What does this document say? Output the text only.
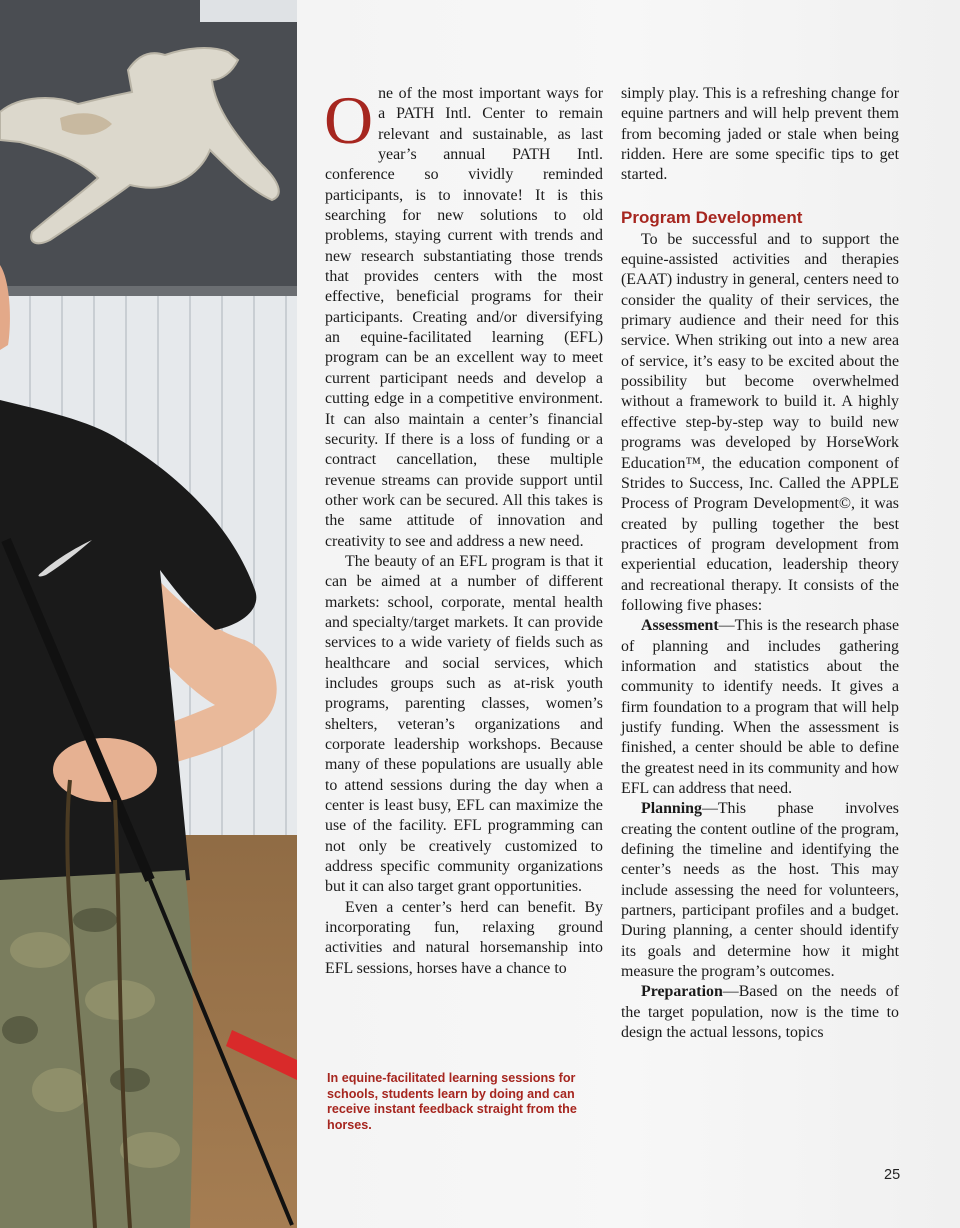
One of the most important ways for a PATH Intl. Center to remain relevant and sustainable, as last year’s annual PATH Intl. conference so vividly reminded participants, is to innovate! It is this searching for new solutions to old problems, staying current with trends and new research substantiating those trends that provides centers with the most effective, beneficial programs for their participants. Creating and/or diversifying an equine-facilitated learning (EFL) program can be an excellent way to meet current participant needs and develop a cutting edge in a competitive environment. It can also maintain a center’s financial security. If there is a loss of funding or a contract cancellation, these multiple revenue streams can provide support until other work can be secured. All this takes is the same attitude of innovation and creativity to see and address a new need.

The beauty of an EFL program is that it can be aimed at a number of different markets: school, corporate, mental health and specialty/target markets. It can provide services to a wide variety of fields such as healthcare and social services, which includes groups such as at-risk youth programs, parenting classes, women’s shelters, veteran’s organizations and corporate leadership workshops. Because many of these populations are usually able to attend sessions during the day when a center is least busy, EFL can maximize the use of the facility. EFL programming can not only be creatively customized to address specific community organizations but it can also target grant opportunities.

Even a center’s herd can benefit. By incorporating fun, relaxing ground activities and natural horsemanship into EFL sessions, horses have a chance to

simply play. This is a refreshing change for equine partners and will help prevent them from becoming jaded or stale when being ridden. Here are some specific tips to get started.

Program Development

To be successful and to support the equine-assisted activities and therapies (EAAT) industry in general, centers need to consider the quality of their services, the primary audience and their need for this service. When striking out into a new area of service, it’s easy to be excited about the possibility but become overwhelmed without a framework to build it. A highly effective step-by-step way to build new programs was developed by HorseWork Education™, the education component of Strides to Success, Inc. Called the APPLE Process of Program Development©, it was created by pulling together the best practices of program development from experiential education, leadership theory and recreational therapy. It consists of the following five phases:

Assessment—This is the research phase of planning and includes gathering information and statistics about the community to identify needs. It gives a firm foundation to a program that will help justify funding. When the assessment is finished, a center should be able to define the greatest need in its community and how EFL can address that need.

Planning—This phase involves creating the content outline of the program, defining the timeline and identifying the center’s needs as the host. This may include assessing the need for volunteers, partners, participant profiles and a budget. During planning, a center should identify its goals and determine how it might measure the program’s outcomes.

Preparation—Based on the needs of the target population, now is the time to design the actual lessons, topics

In equine-facilitated learning sessions for schools, students learn by doing and can receive instant feedback straight from the horses.
25
